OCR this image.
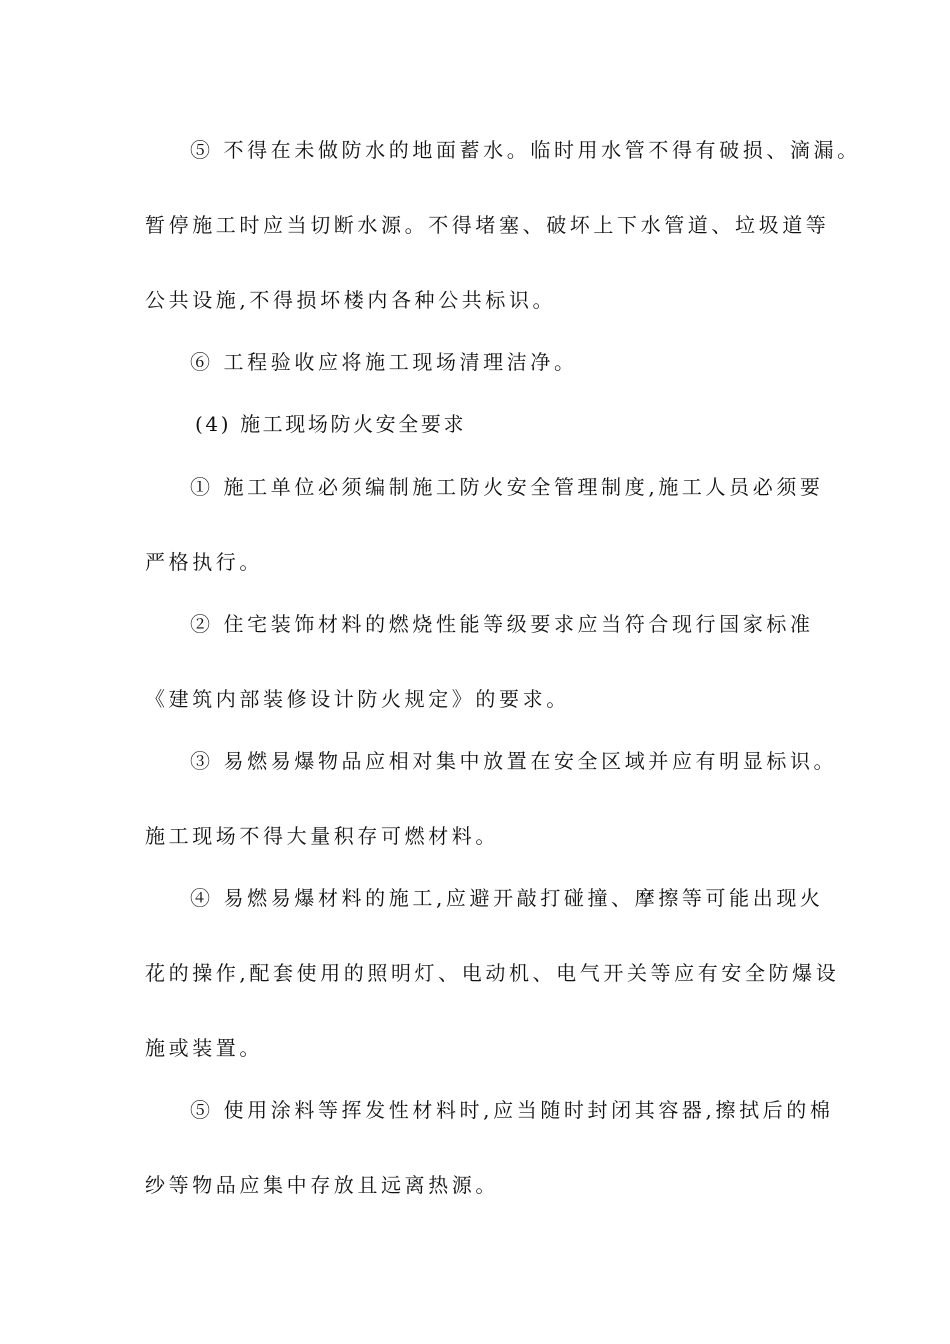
⑤ 不得在未做防水的地面蓄水。临时用水管不得有破损、滴漏。
暂停施工时应当切断水源。不得堵塞、破坏上下水管道、垃圾道等
公共设施,不得损坏楼内各种公共标识。
⑥ 工程验收应将施工现场清理洁净。
(4) 施工现场防火安全要求
① 施工单位必须编制施工防火安全管理制度,施工人员必须要
严格执行。
② 住宅装饰材料的燃烧性能等级要求应当符合现行国家标准
《建筑内部装修设计防火规定》的要求。
③ 易燃易爆物品应相对集中放置在安全区域并应有明显标识。
施工现场不得大量积存可燃材料。
④ 易燃易爆材料的施工,应避开敲打碰撞、摩擦等可能出现火
花的操作,配套使用的照明灯、电动机、电气开关等应有安全防爆设
施或装置。
⑤ 使用涂料等挥发性材料时,应当随时封闭其容器,擦拭后的棉
纱等物品应集中存放且远离热源。
